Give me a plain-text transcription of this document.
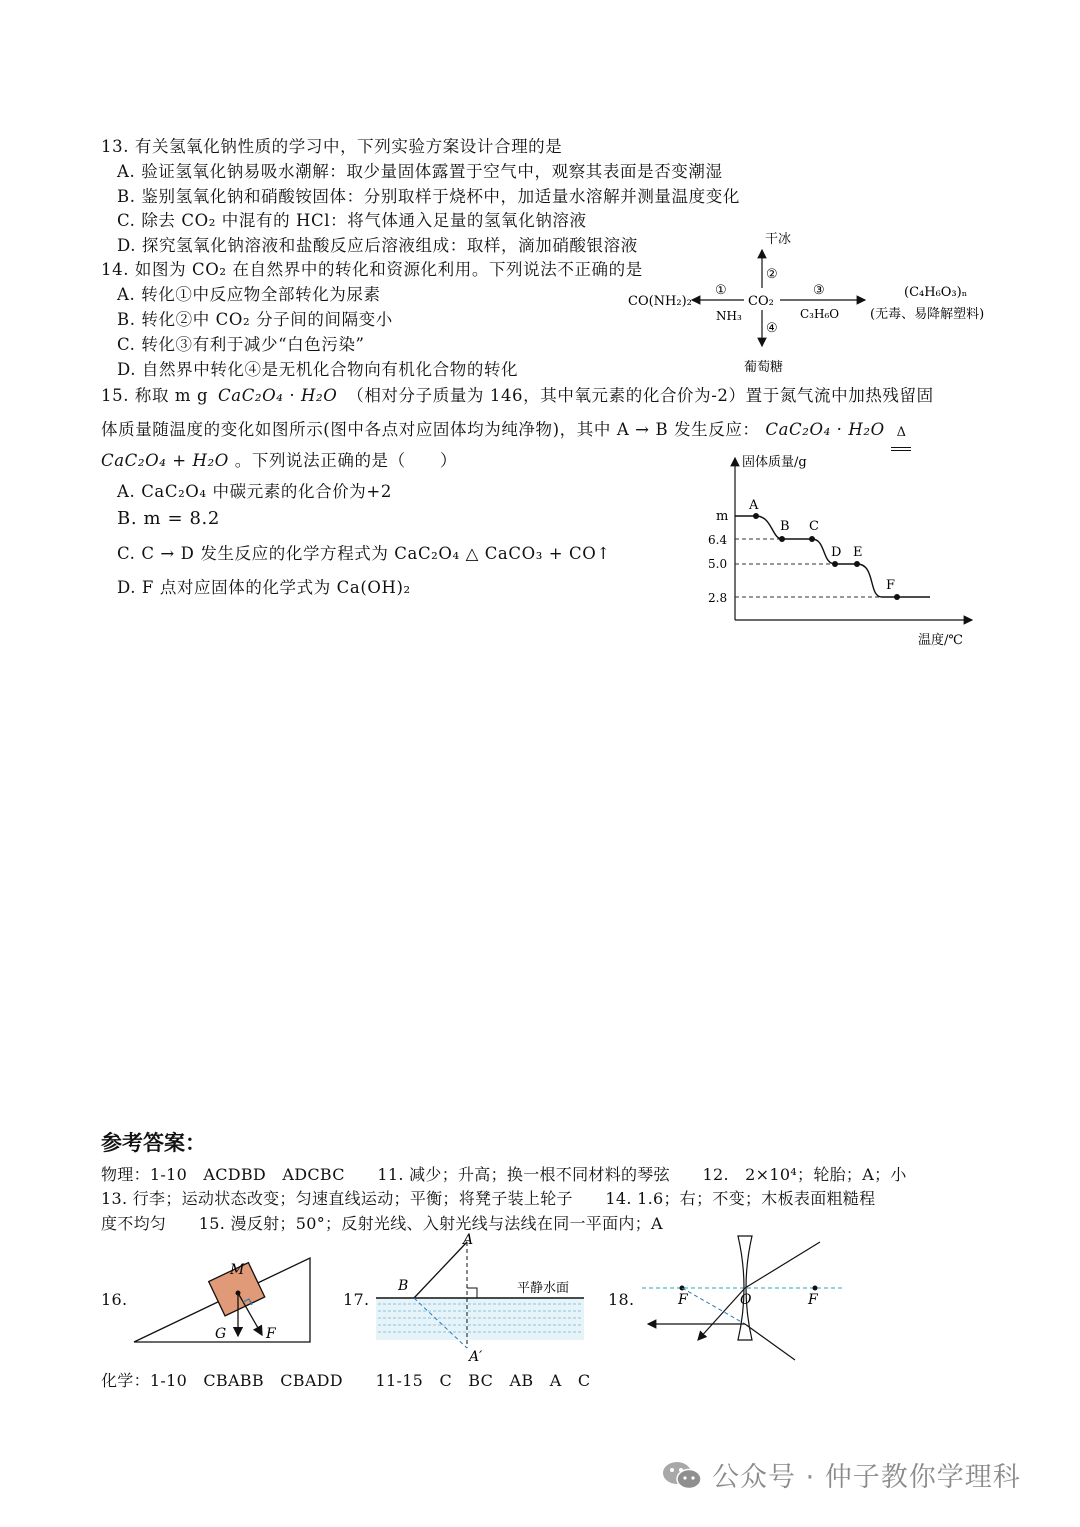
13. 有关氢氧化钠性质的学习中，下列实验方案设计合理的是
A. 验证氢氧化钠易吸水潮解：取少量固体露置于空气中，观察其表面是否变潮湿
B. 鉴别氢氧化钠和硝酸铵固体：分别取样于烧杯中，加适量水溶解并测量温度变化
C. 除去 CO₂ 中混有的 HCl：将气体通入足量的氢氧化钠溶液
D. 探究氢氧化钠溶液和盐酸反应后溶液组成：取样，滴加硝酸银溶液
14. 如图为 CO₂ 在自然界中的转化和资源化利用。下列说法不正确的是
A. 转化①中反应物全部转化为尿素
B. 转化②中 CO₂ 分子间的间隔变小
C. 转化③有利于减少“白色污染”
D. 自然界中转化④是无机化合物向有机化合物的转化
干冰
②
CO₂
CO(NH₂)₂
①
NH₃
③
C₃H₆O
(C₄H₆O₃)ₙ
(无毒、易降解塑料)
④
葡萄糖
15. 称取 m g CaC₂O₄ · H₂O （相对分子质量为 146，其中氧元素的化合价为-2）置于氮气流中加热残留固
体质量随温度的变化如图所示(图中各点对应固体均为纯净物)，其中 A → B 发生反应： CaC₂O₄ · H₂O Δ
CaC₂O₄ + H₂O 。下列说法正确的是（　　）
A. CaC₂O₄ 中碳元素的化合价为+2
B. m = 8.2
C. C → D 发生反应的化学方程式为 CaC₂O₄ △ CaCO₃ + CO↑
D. F 点对应固体的化学式为 Ca(OH)₂
固体质量/g
温度/℃
m
6.4
5.0
2.8
A
B C
D E
F
参考答案：
物理：1-10　ACDBD　ADCBC　　11. 减少；升高；换一根不同材料的琴弦　　12.　2×10⁴；轮胎；A；小
13. 行李；运动状态改变；匀速直线运动；平衡；将凳子装上轮子　　14. 1.6；右；不变；木板表面粗糙程
度不均匀　　15. 漫反射；50°；反射光线、入射光线与法线在同一平面内；A
16.
M
G	F
17.
B
A
A′
平静水面
18.	F	O	F
化学：1-10　CBABB　CBADD　　11-15　C　BC　AB　A　C
公众号 · 仲子教你学理科
